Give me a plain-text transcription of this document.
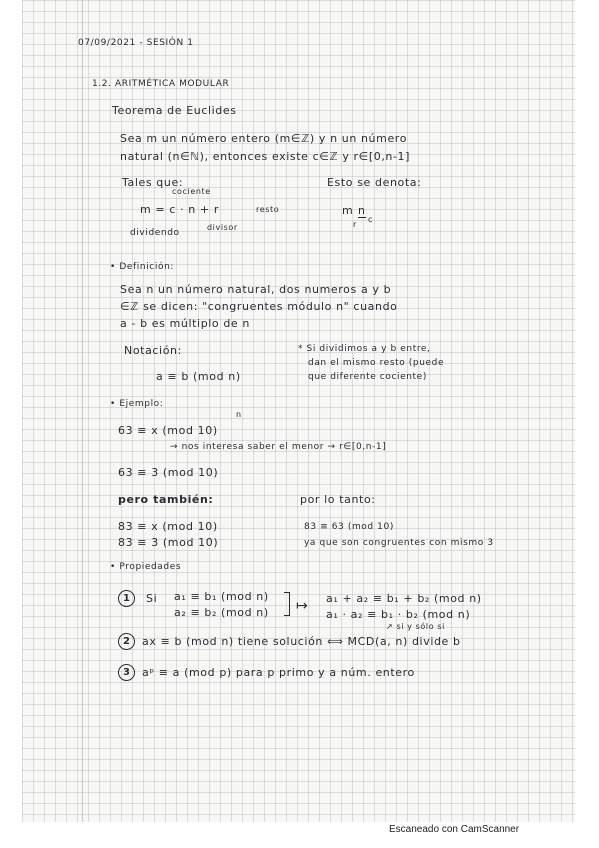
07/09/2021 - SESIÓN 1
1.2. ARITMÉTICA MODULAR
Teorema de Euclides
Sea m un número entero (m∈ℤ) y n un número
natural (n∈ℕ), entonces existe c∈ℤ y r∈[0,n-1]
Tales que:
cociente
m = c · n + r	resto
dividendo
divisor
Esto se denota:
m n
r
c
• Definición:
Sea n un número natural, dos numeros a y b
∈ℤ se dicen: "congruentes módulo n" cuando
a - b es múltiplo de n
Notación:
a ≡ b (mod n)
* Si dividimos a y b entre,
dan el mismo resto (puede
que diferente cociente)
• Ejemplo:
n
63 ≡ x (mod 10)
→ nos interesa saber el menor → r∈[0,n-1]
63 ≡ 3 (mod 10)
pero también:	por lo tanto:
83 ≡ x (mod 10)
83 ≡ 3 (mod 10)
83 ≡ 63 (mod 10)
ya que son congruentes con mismo 3
• Propiedades
1	Si a₁ ≡ b₁ (mod n)
a₂ ≡ b₂ (mod n) ↦ a₁ + a₂ ≡ b₁ + b₂ (mod n)
a₁ · a₂ ≡ b₁ · b₂ (mod n)
↗ si y sólo si
2	ax ≡ b (mod n) tiene solución ⟺ MCD(a, n) divide b
3	aᵖ ≡ a (mod p) para p primo y a núm. entero
Escaneado con CamScanner
